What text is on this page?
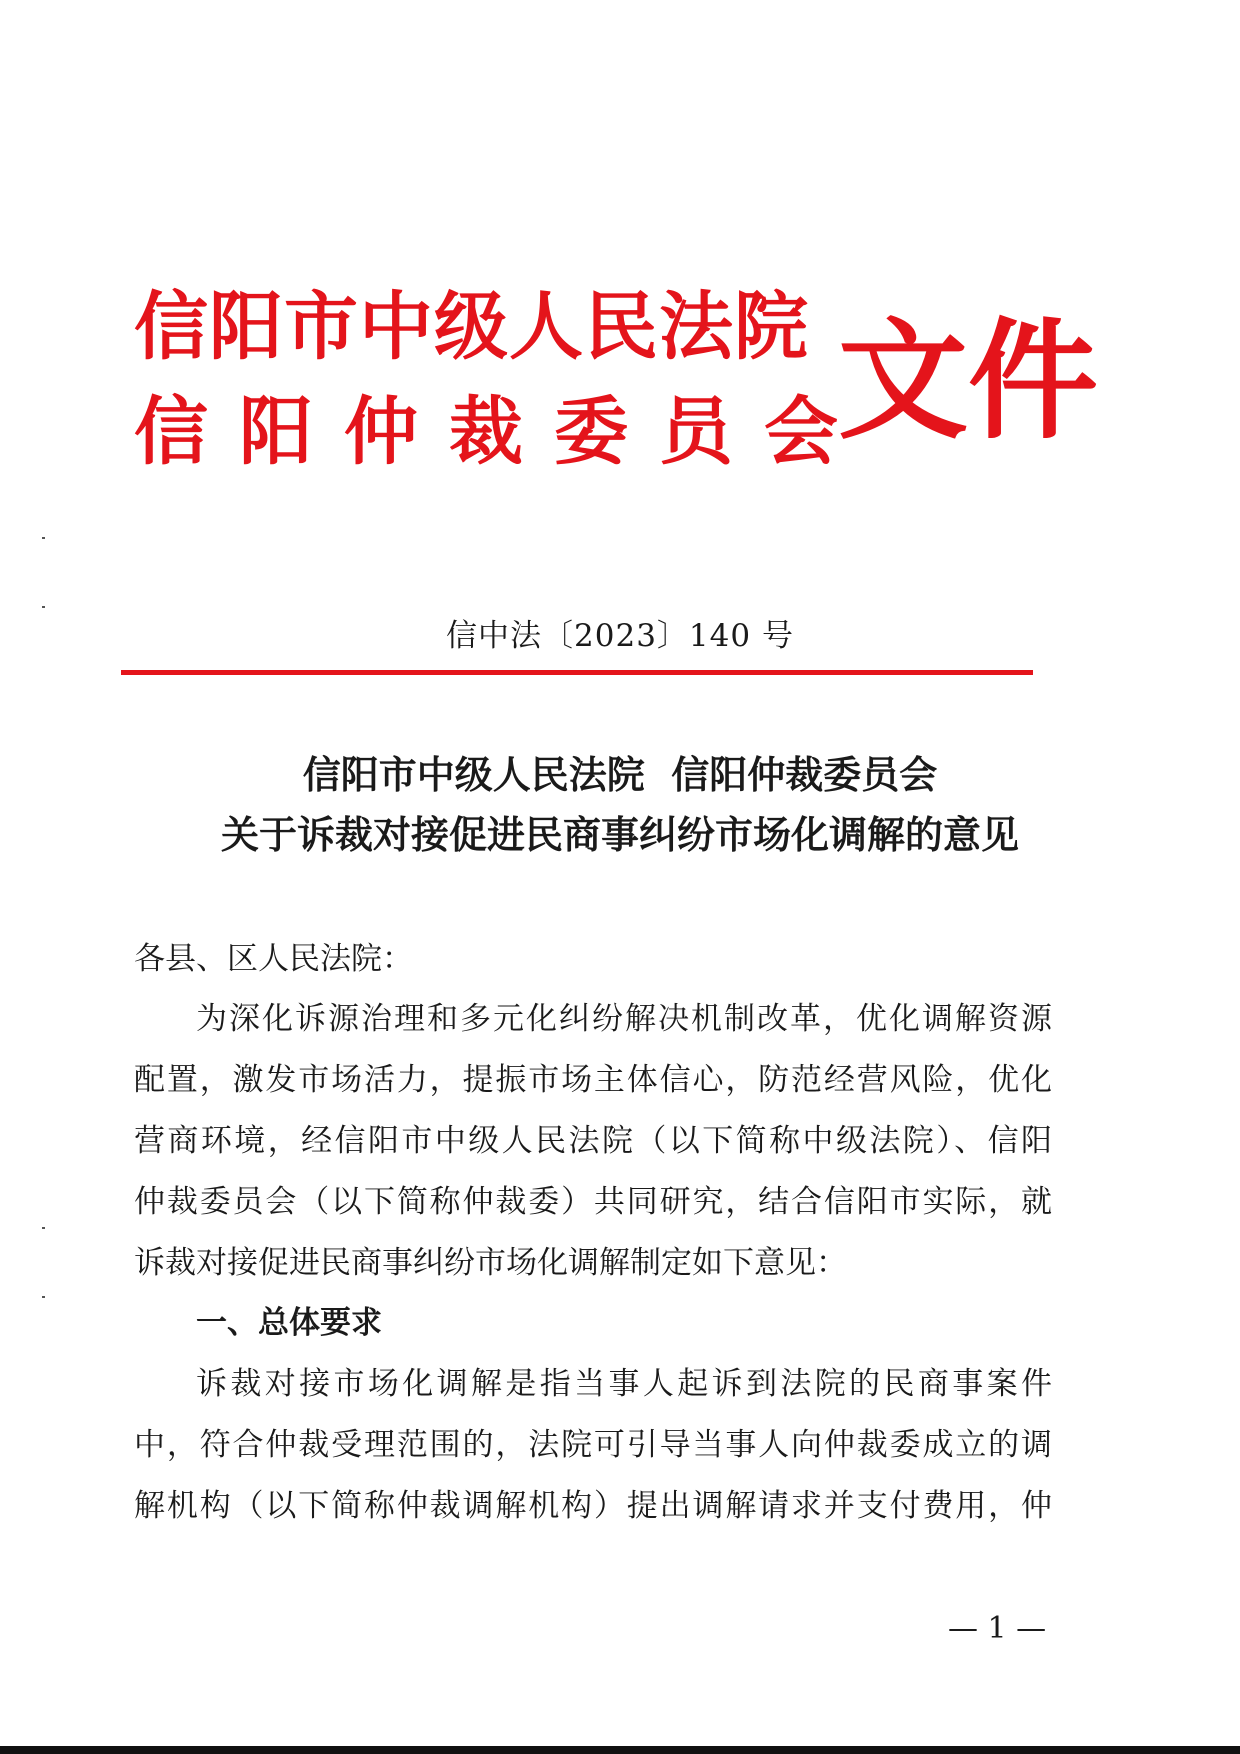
信阳市中级人民法院
信阳仲裁委员会
文件
信中法〔2023〕140 号
信阳市中级人民法院  信阳仲裁委员会
关于诉裁对接促进民商事纠纷市场化调解的意见
各县、区人民法院：
为深化诉源治理和多元化纠纷解决机制改革，优化调解资源
配置，激发市场活力，提振市场主体信心，防范经营风险，优化
营商环境，经信阳市中级人民法院（以下简称中级法院）、信阳
仲裁委员会（以下简称仲裁委）共同研究，结合信阳市实际，就
诉裁对接促进民商事纠纷市场化调解制定如下意见：
一、总体要求
诉裁对接市场化调解是指当事人起诉到法院的民商事案件
中，符合仲裁受理范围的，法院可引导当事人向仲裁委成立的调
解机构（以下简称仲裁调解机构）提出调解请求并支付费用，仲
— 1 —
